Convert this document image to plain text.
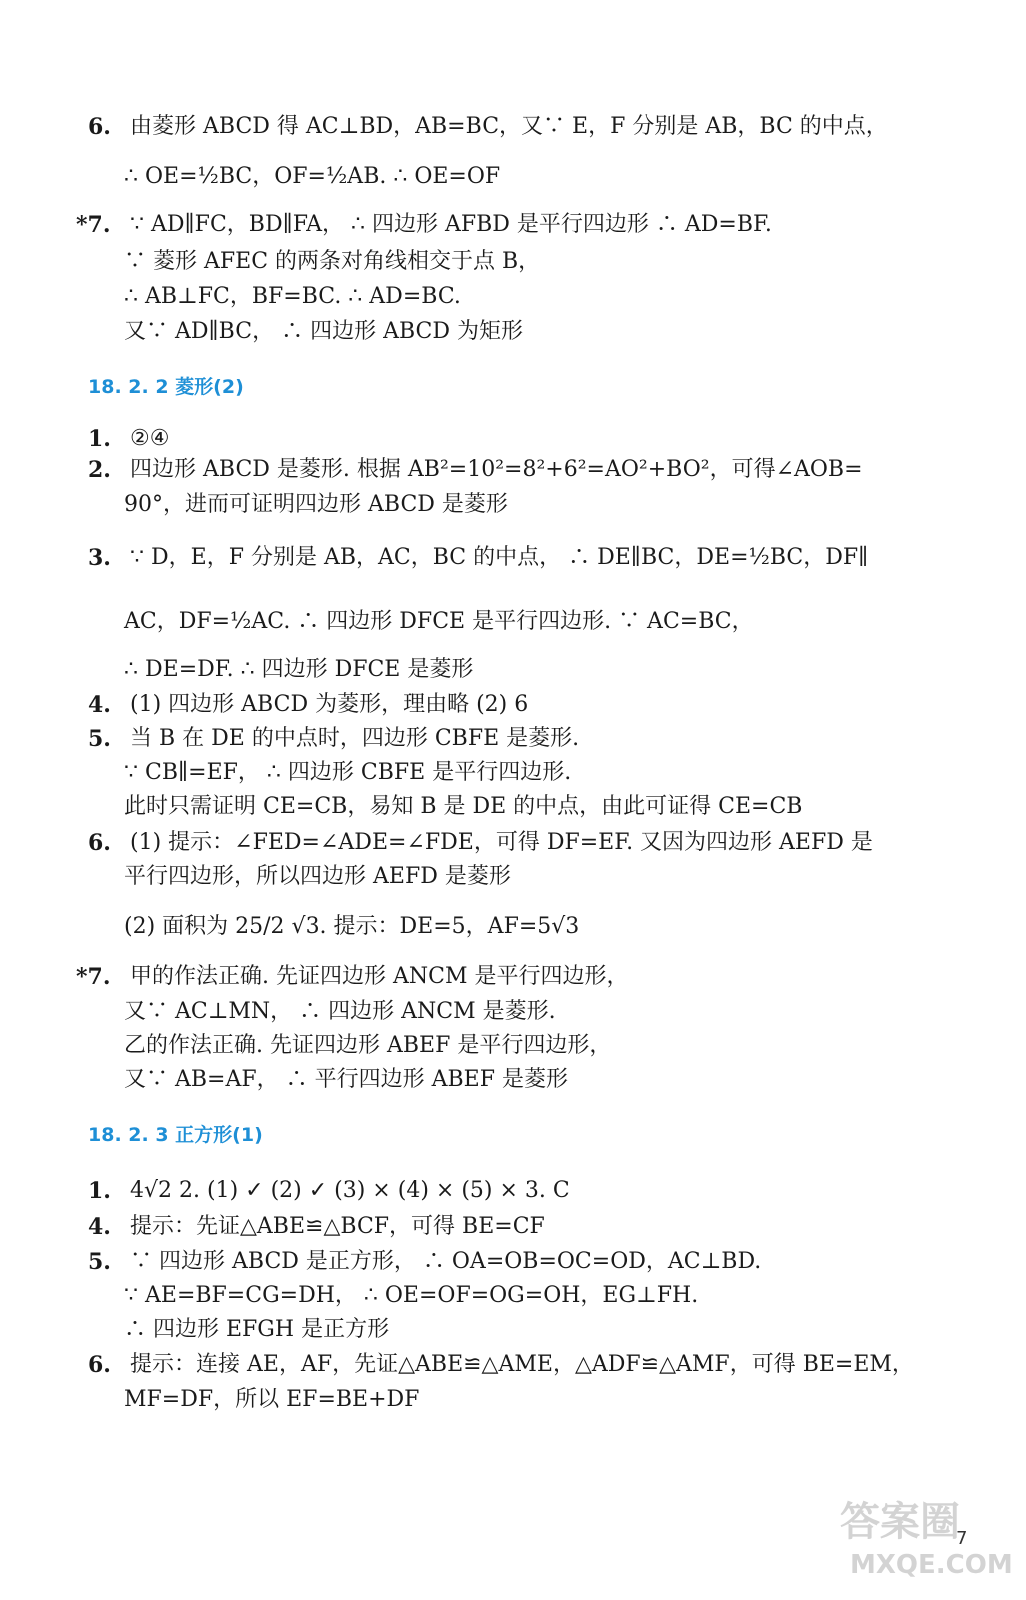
18. 2. 2 菱形(2)
18. 2. 3 正方形(1)
6. 由菱形 ABCD 得 AC⊥BD，AB=BC，又∵ E，F 分别是 AB，BC 的中点，
∴ OE=½BC，OF=½AB. ∴ OE=OF
*7. ∵ AD∥FC，BD∥FA， ∴ 四边形 AFBD 是平行四边形 ∴ AD=BF.
∵ 菱形 AFEC 的两条对角线相交于点 B，
∴ AB⊥FC，BF=BC. ∴ AD=BC.
又∵ AD∥BC， ∴ 四边形 ABCD 为矩形
1. ②④
2. 四边形 ABCD 是菱形. 根据 AB²=10²=8²+6²=AO²+BO²，可得∠AOB=
90°，进而可证明四边形 ABCD 是菱形
3. ∵ D，E，F 分别是 AB，AC，BC 的中点， ∴ DE∥BC，DE=½BC，DF∥
AC，DF=½AC. ∴ 四边形 DFCE 是平行四边形. ∵ AC=BC，
∴ DE=DF. ∴ 四边形 DFCE 是菱形
4. (1) 四边形 ABCD 为菱形，理由略 (2) 6
5. 当 B 在 DE 的中点时，四边形 CBFE 是菱形.
∵ CB∥=EF， ∴ 四边形 CBFE 是平行四边形.
此时只需证明 CE=CB，易知 B 是 DE 的中点，由此可证得 CE=CB
6. (1) 提示：∠FED=∠ADE=∠FDE，可得 DF=EF. 又因为四边形 AEFD 是
平行四边形，所以四边形 AEFD 是菱形
(2) 面积为 25/2 √3. 提示：DE=5，AF=5√3
*7. 甲的作法正确. 先证四边形 ANCM 是平行四边形，
又∵ AC⊥MN， ∴ 四边形 ANCM 是菱形.
乙的作法正确. 先证四边形 ABEF 是平行四边形，
又∵ AB=AF， ∴ 平行四边形 ABEF 是菱形
1. 4√2 2. (1) ✓ (2) ✓ (3) × (4) × (5) × 3. C
4. 提示：先证△ABE≌△BCF，可得 BE=CF
5. ∵ 四边形 ABCD 是正方形， ∴ OA=OB=OC=OD，AC⊥BD.
∵ AE=BF=CG=DH， ∴ OE=OF=OG=OH，EG⊥FH.
∴ 四边形 EFGH 是正方形
6. 提示：连接 AE，AF，先证△ABE≌△AME，△ADF≌△AMF，可得 BE=EM，
MF=DF，所以 EF=BE+DF
7
答案圈
MXQE.COM
